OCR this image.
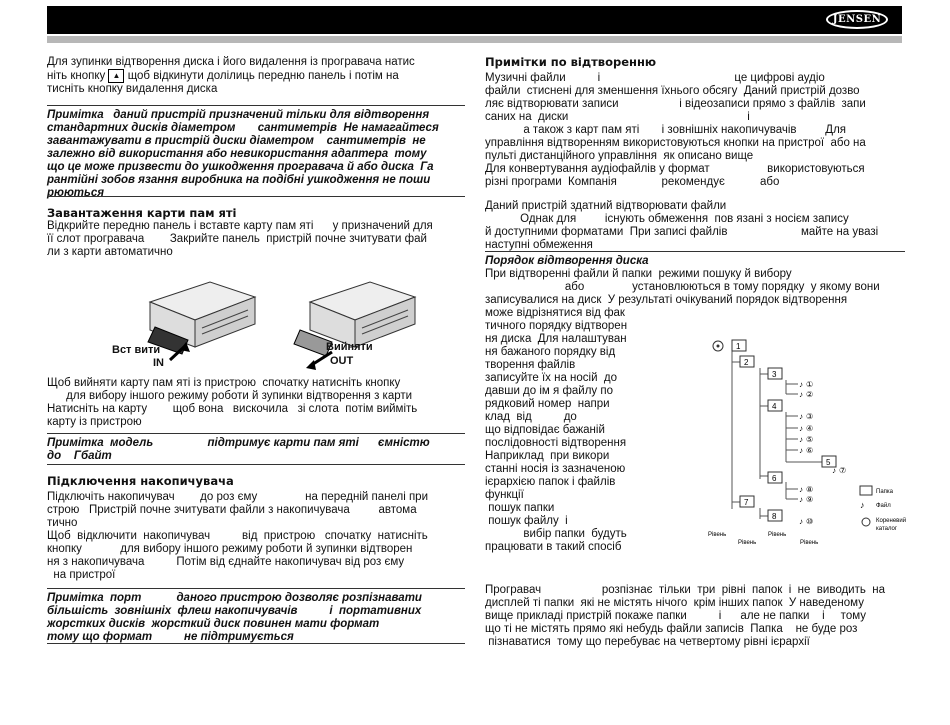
JENSEN

Для зупинки відтворення диска і його видалення із програвача натис

ніть кнопку ▲ щоб відкинути долілиць передню панель і потім на

тисніть кнопку видалення диска

Примітка   даний пристрій призначений тільки для відтворення

стандартних дисків діаметром       сантиметрів  Не намагайтеся

завантажувати в пристрій диски діаметром    сантиметрів  не

залежно від використання або невикористання адаптера  тому

що це може призвести до ушкодження програвача й або диска  Га

рантійні зобов язання виробника на подібні ушкодження не поши

рюються

Завантаження карти пам яті

Відкрийте передню панель і вставте карту пам яті      у призначений для

її слот програвача        Закрийте панель  пристрій почне зчитувати фай

ли з карти автоматично

Вст вити
IN
Вийняти
OUT

Щоб вийняти карту пам яті із пристрою  спочатку натисніть кнопку

для вибору іншого режиму роботи й зупинки відтворення з карти

Натисніть на карту        щоб вона   вискочила   зі слота  потім вийміть

карту із пристрою

Примітка  модель                 підтримує карти пам яті      ємністю

до    Гбайт

Підключення накопичувача

Підключіть накопичувач        до роз єму               на передній панелі при

строю   Пристрій почне зчитувати файли з накопичувача         автома

тично

Щоб  відключити  накопичувач          від  пристрою   спочатку  натисніть

кнопку            для вибору іншого режиму роботи й зупинки відтворен

ня з накопичувача          Потім від єднайте накопичувач від роз єму

на пристрої

Примітка  порт           даного пристрою дозволяє розпізнавати

більшість  зовнішніх  флеш накопичувачів          і  портативних

жорстких дисків  жорсткий диск повинен мати формат

тому що формат          не підтримується

Примітки по відтворенню

Музичні файли          і                                          це цифрові аудіо

файли  стиснені для зменшення їхнього обсягу  Даний пристрій дозво

ляє відтворювати записи                   і відеозаписи прямо з файлів  запи

саних на  диски                                                        і

а також з карт пам яті       і зовнішніх накопичувачів         Для

управління відтворенням використовуються кнопки на пристрої  або на

пульті дистанційного управління  як описано вище

Для конвертування аудіофайлів у формат                  використовуються

різні програми  Компанія              рекомендує           або

Даний пристрій здатний відтворювати файли

Однак для         існують обмеження  пов язані з носієм запису

й доступними форматами  При записі файлів                       майте на увазі

наступні обмеження

Порядок відтворення диска

При відтворенні файли й папки  режими пошуку й вибору

або               установлюються в тому порядку  у якому вони

записувалися на диск  У результаті очікуваний порядок відтворення

може відрізнятися від фак

тичного порядку відтворен

ня диска  Для налаштуван

ня бажаного порядку від

творення файлів

записуйте їх на носій  до

давши до ім я файлу по

рядковий номер  напри

клад  від          до

що відповідає бажаній

послідовності відтворення

Наприклад  при викори

станні носія із зазначеною

ієрархією папок і файлів

функції

пошук папки

пошук файлу  і

вибір папки  будуть

працювати в такий спосіб

1
2
3
4
5
6
7
8
♪ ①
♪ ②
♪ ③
♪ ④
♪ ⑤
♪ ⑥
♪ ⑦
♪ ⑧
♪ ⑨
♪ ⑩
Рівень
Рівень
Рівень
Рівень
Папка
♪ Файл
Кореневий
каталог

Програвач                   розпізнає  тільки  три  рівні  папок  і  не  виводить  на

дисплей ті папки  які не містять нічого  крім інших папок  У наведеному

вище прикладі пристрій покаже папки          і      але не папки    і     тому

що ті не містять прямо які небудь файли записів  Папка    не буде роз

пізнаватися  тому що перебуває на четвертому рівні ієрархії
